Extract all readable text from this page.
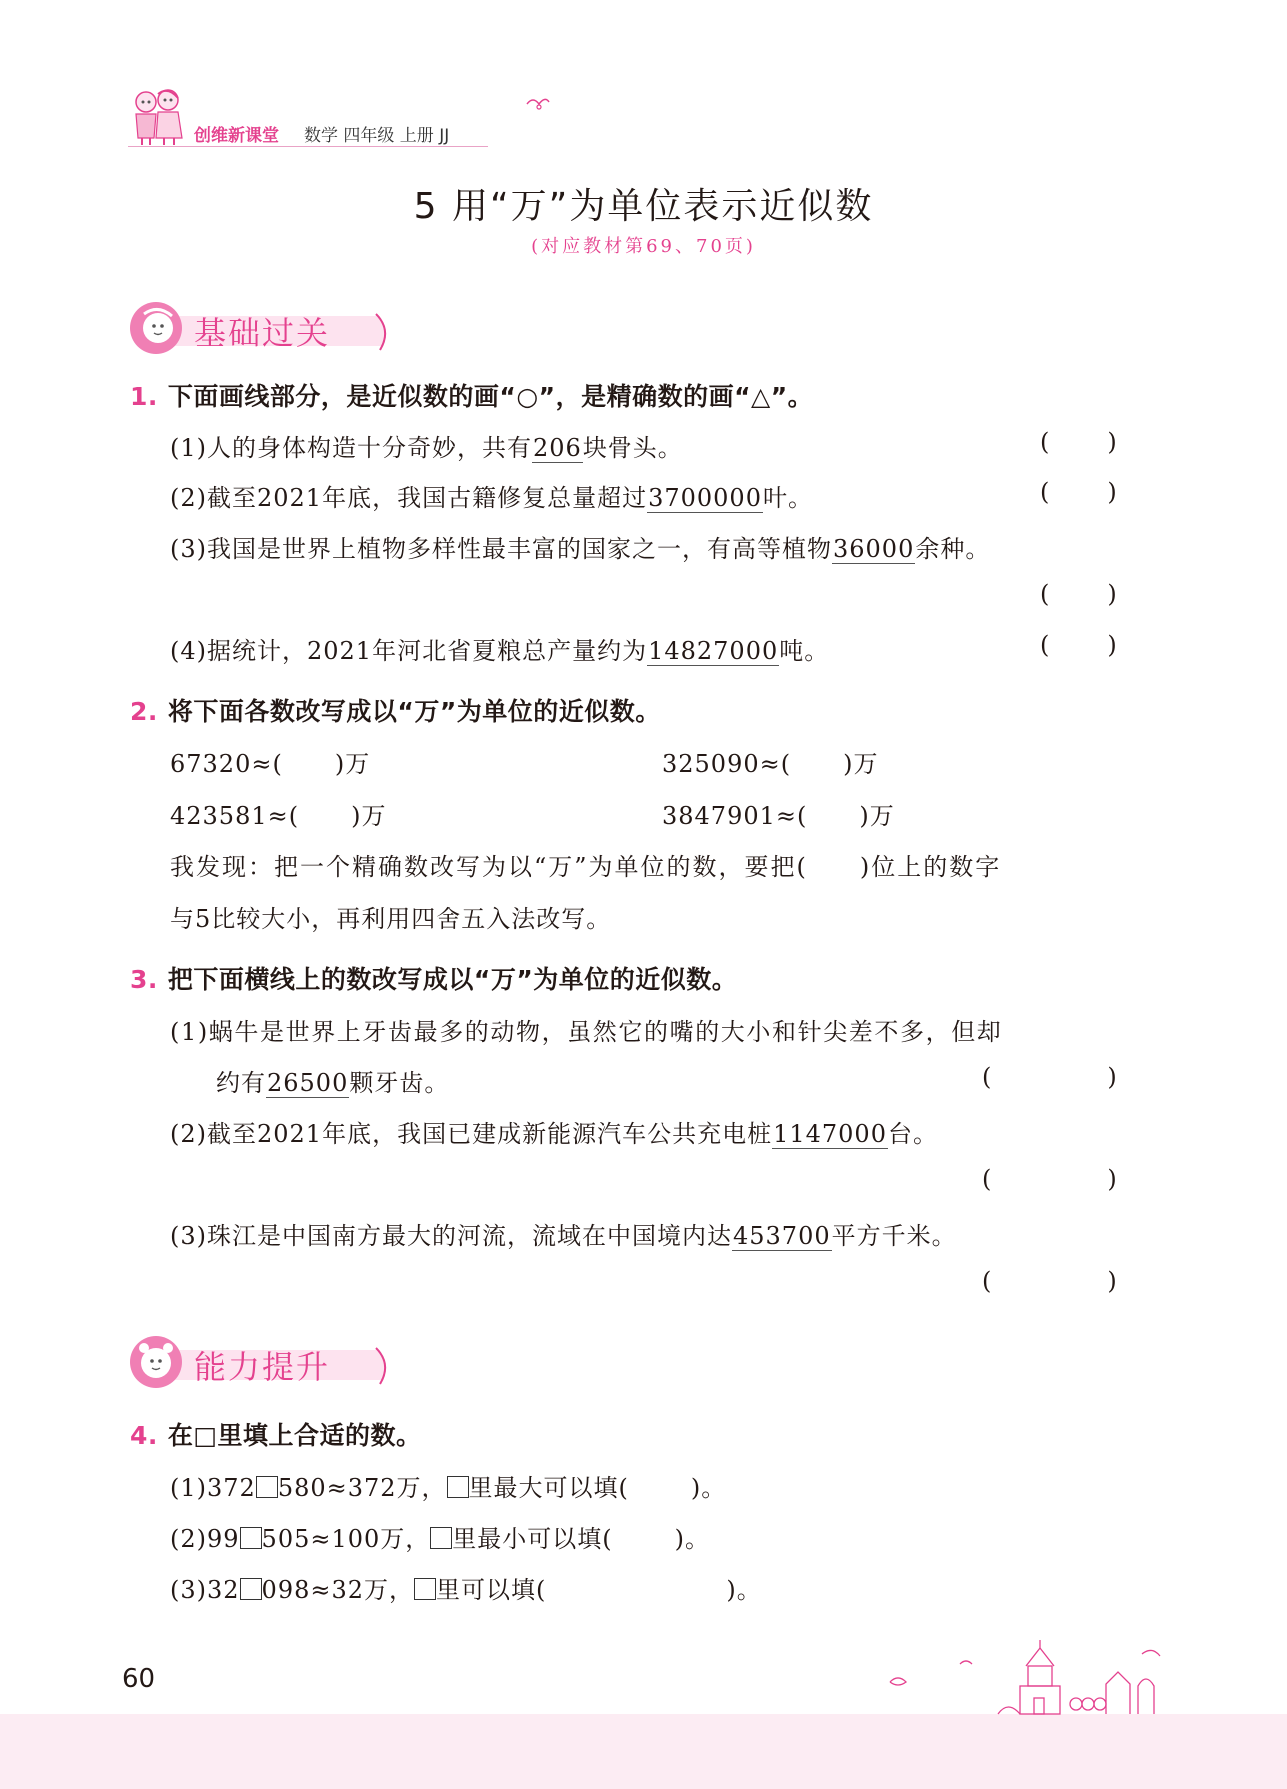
创维新课堂 数学 四年级 上册 JJ
5 用“万”为单位表示近似数
(对应教材第69、70页)
基础过关
1. 下面画线部分，是近似数的画“○”，是精确数的画“△”。
(1)人的身体构造十分奇妙，共有206块骨头。	( )
(2)截至2021年底，我国古籍修复总量超过3700000叶。	( )
(3)我国是世界上植物多样性最丰富的国家之一，有高等植物36000余种。
( )
(4)据统计，2021年河北省夏粮总产量约为14827000吨。	( )
2. 将下面各数改写成以“万”为单位的近似数。
67320≈( )万	325090≈( )万
423581≈( )万	3847901≈( )万
我发现：把一个精确数改写为以“万”为单位的数，要把( )位上的数字
与5比较大小，再利用四舍五入法改写。
3. 把下面横线上的数改写成以“万”为单位的近似数。
(1)蜗牛是世界上牙齿最多的动物，虽然它的嘴的大小和针尖差不多，但却
约有26500颗牙齿。	(	)
(2)截至2021年底，我国已建成新能源汽车公共充电桩1147000台。
(	)
(3)珠江是中国南方最大的河流，流域在中国境内达453700平方千米。
(	)
能力提升
4. 在□里填上合适的数。
(1)372 580≈372万， 里最大可以填(	)。
(2)99 505≈100万， 里最小可以填(	)。
(3)32 098≈32万， 里可以填(	)。
60
